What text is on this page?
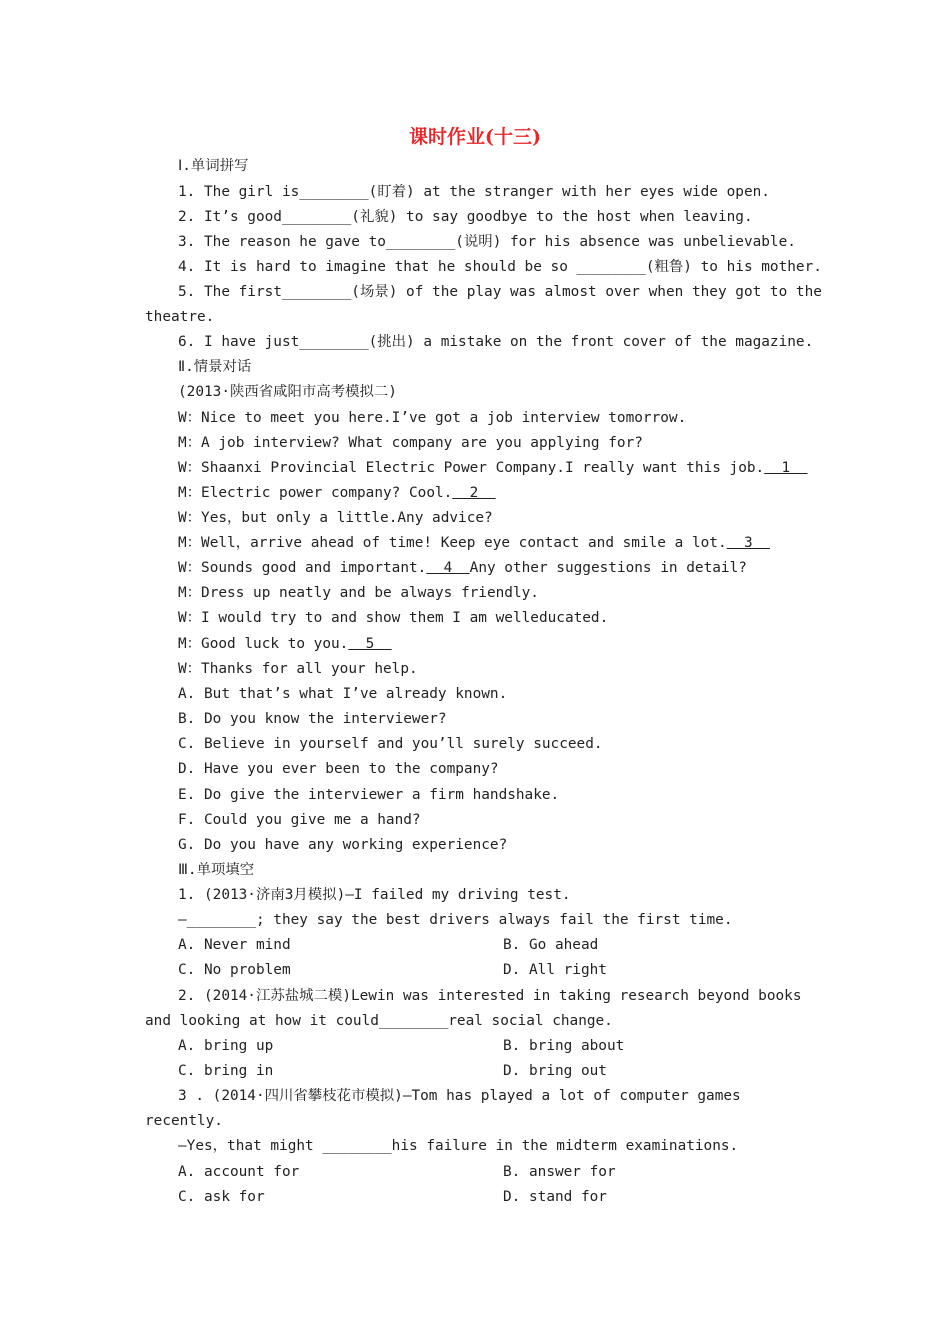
课时作业(十三)
Ⅰ.单词拼写
1. The girl is________(盯着) at the stranger with her eyes wide open.
2. It’s good________(礼貌) to say goodbye to the host when leaving.
3. The reason he gave to________(说明) for his absence was unbelievable.
4. It is hard to imagine that he should be so ________(粗鲁) to his mother.
5. The first________(场景) of the play was almost over when they got to the
theatre.
6. I have just________(挑出) a mistake on the front cover of the magazine.
Ⅱ.情景对话
(2013·陕西省咸阳市高考模拟二)
W：Nice to meet you here.I’ve got a job interview tomorrow.
M：A job interview? What company are you applying for?
W：Shaanxi Provincial Electric Power Company.I really want this job.  1
M：Electric power company? Cool.  2
W：Yes，but only a little.Any advice?
M：Well，arrive ahead of time! Keep eye contact and smile a lot.  3
W：Sounds good and important.  4  Any other suggestions in detail?
M：Dress up neatly and be always friendly.
W：I would try to and show them I am welleducated.
M：Good luck to you.  5
W：Thanks for all your help.
A. But that’s what I’ve already known.
B. Do you know the interviewer?
C. Believe in yourself and you’ll surely succeed.
D. Have you ever been to the company?
E. Do give the interviewer a firm handshake.
F. Could you give me a hand?
G. Do you have any working experience?
Ⅲ.单项填空
1. (2013·济南3月模拟)—I failed my driving test.
—________; they say the best drivers always fail the first time.
A. Never mind	B. Go ahead
C. No problem	D. All right
2. (2014·江苏盐城二模)Lewin was interested in taking research beyond books
and looking at how it could________real social change.
A. bring up	B. bring about
C. bring in	D. bring out
3 . (2014·四川省攀枝花市模拟)—Tom has played a lot of computer games
recently.
—Yes，that might ________his failure in the midterm examinations.
A. account for	B. answer for
C. ask for	D. stand for
